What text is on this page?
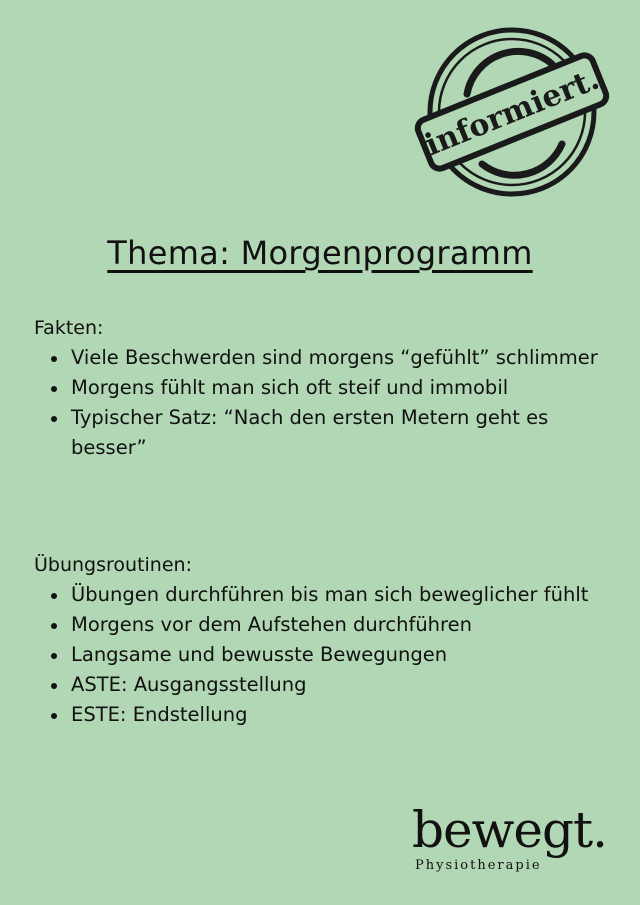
informiert.
Thema: Morgenprogramm

Fakten:

Viele Beschwerden sind morgens “gefühlt” schlimmer
Morgens fühlt man sich oft steif und immobil
Typischer Satz: “Nach den ersten Metern geht es besser”

Übungsroutinen:

Übungen durchführen bis man sich beweglicher fühlt
Morgens vor dem Aufstehen durchführen
Langsame und bewusste Bewegungen
ASTE: Ausgangsstellung
ESTE: Endstellung

bewegt.

Physiotherapie
